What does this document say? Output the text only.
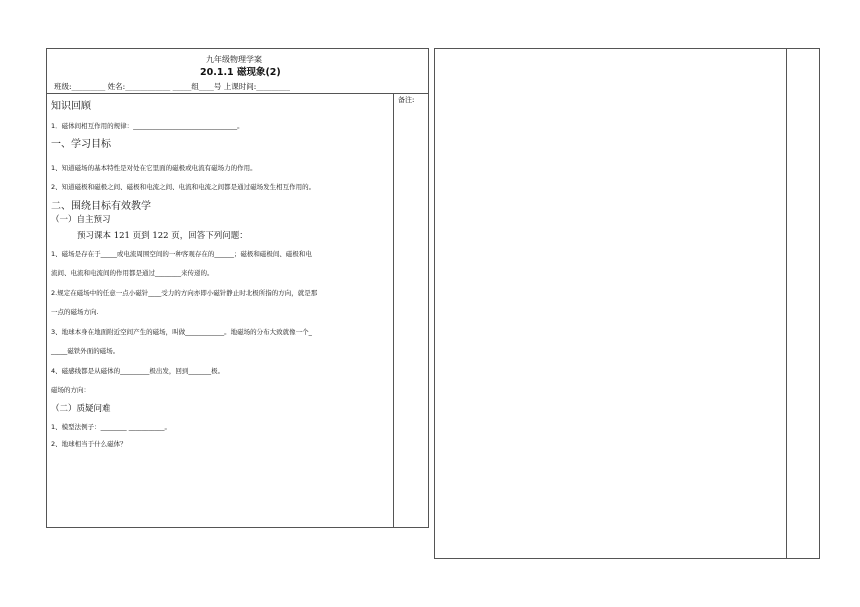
九年级物理学案
20.1.1 磁现象(2)
班级:_________ 姓名:____________ _____组____号 上课时间:_________
备注:
知识回顾
1．磁体间相互作用的规律：________________________________。
一、学习目标
1、知道磁场的基本特性是对处在它里面的磁极或电流有磁场力的作用。
2、知道磁极和磁极之间、磁极和电流之间、电流和电流之间都是通过磁场发生相互作用的。
二、围绕目标有效教学
（一）自主预习
预习课本 121 页到 122 页，回答下列问题：
1、磁场是存在于_____或电流周围空间的一种客观存在的______；磁极和磁极间、磁极和电
流间、电流和电流间的作用都是通过________来传递的。
2.规定在磁场中的任意一点小磁针____受力的方向亦即小磁针静止时北极所指的方向，就是那
一点的磁场方向.
3、地球本身在地面附近空间产生的磁场，叫做____________。地磁场的分布大致就像一个_
_____磁铁外面的磁场。
4、磁感线都是从磁体的_________极出发，回到_______极。
磁场的方向：
（二）质疑问难
1、模型法例子：________ ___________。
2、地球相当于什么磁体？
